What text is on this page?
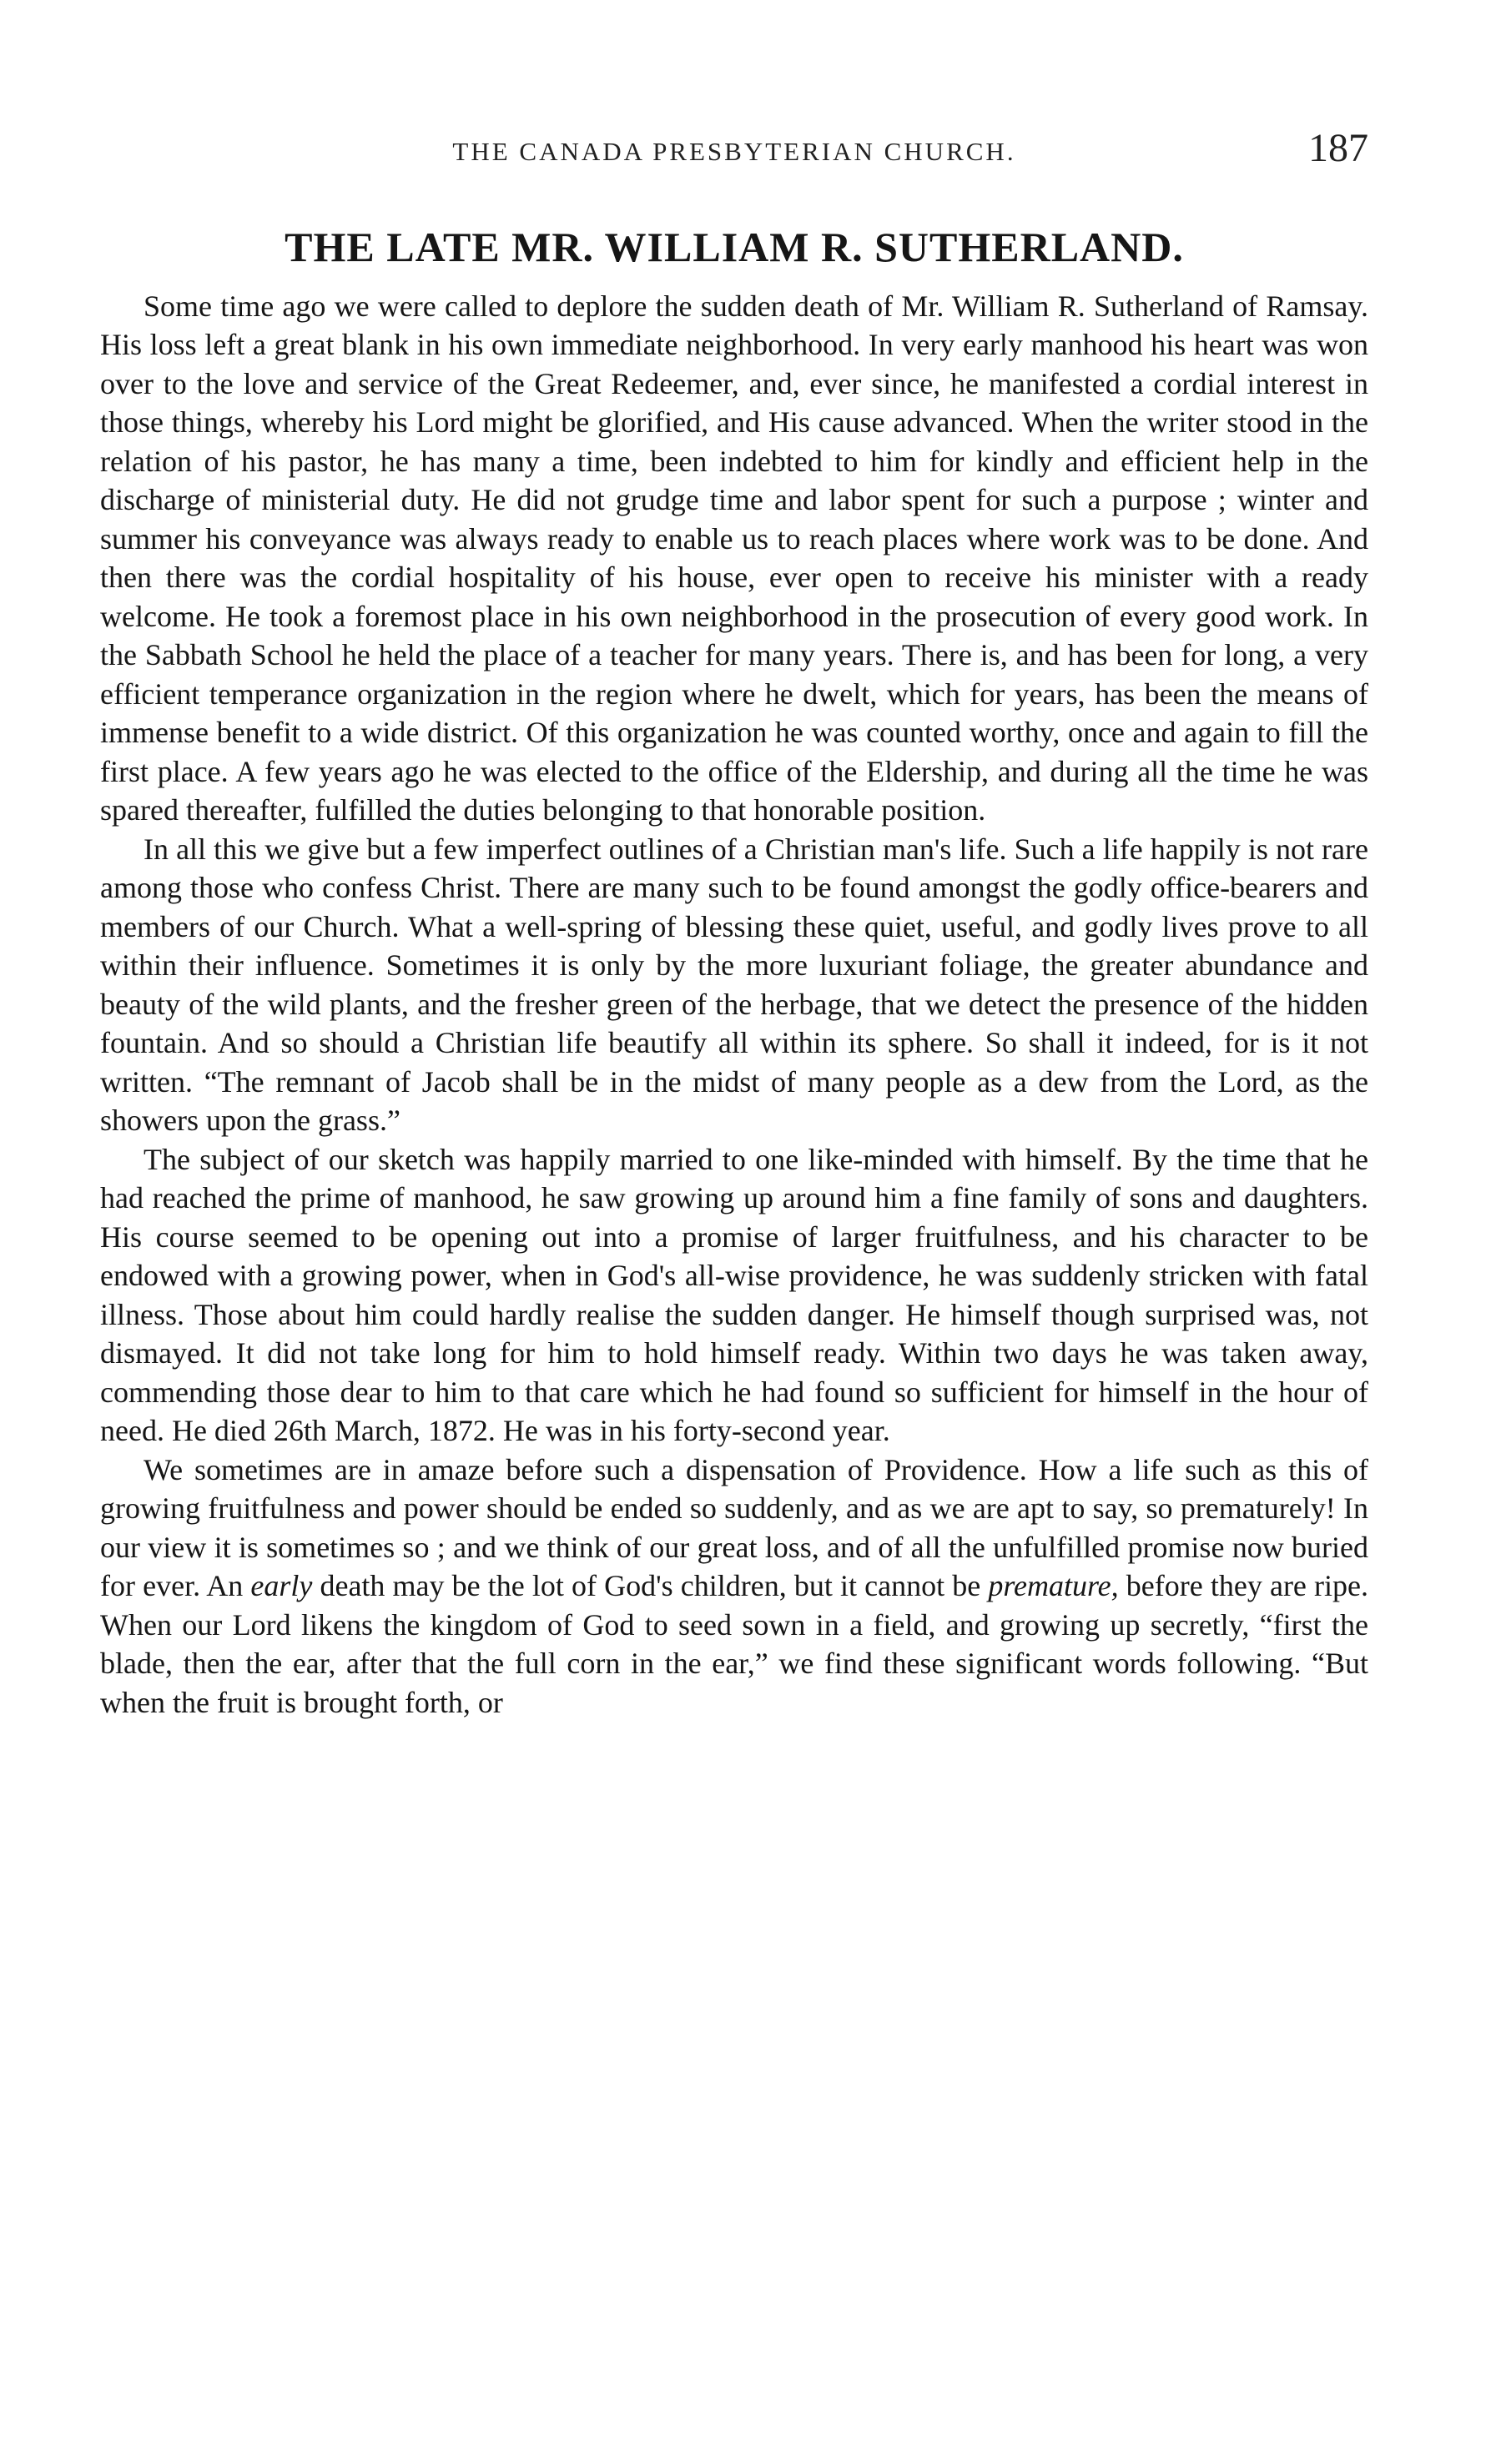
THE CANADA PRESBYTERIAN CHURCH.	187
THE LATE MR. WILLIAM R. SUTHERLAND.

Some time ago we were called to deplore the sudden death of Mr. William R. Sutherland of Ramsay. His loss left a great blank in his own immediate neighborhood. In very early manhood his heart was won over to the love and service of the Great Redeemer, and, ever since, he manifested a cordial interest in those things, whereby his Lord might be glorified, and His cause advanced. When the writer stood in the relation of his pastor, he has many a time, been indebted to him for kindly and efficient help in the discharge of ministerial duty. He did not grudge time and labor spent for such a purpose ; winter and summer his conveyance was always ready to enable us to reach places where work was to be done. And then there was the cordial hospitality of his house, ever open to receive his minister with a ready welcome. He took a foremost place in his own neighborhood in the prosecution of every good work. In the Sabbath School he held the place of a teacher for many years. There is, and has been for long, a very efficient temperance organization in the region where he dwelt, which for years, has been the means of immense benefit to a wide district. Of this organization he was counted worthy, once and again to fill the first place. A few years ago he was elected to the office of the Eldership, and during all the time he was spared thereafter, fulfilled the duties belonging to that honorable position.

In all this we give but a few imperfect outlines of a Christian man's life. Such a life happily is not rare among those who confess Christ. There are many such to be found amongst the godly office-bearers and members of our Church. What a well-spring of blessing these quiet, useful, and godly lives prove to all within their influence. Sometimes it is only by the more luxuriant foliage, the greater abundance and beauty of the wild plants, and the fresher green of the herbage, that we detect the presence of the hidden fountain. And so should a Christian life beautify all within its sphere. So shall it indeed, for is it not written. “The remnant of Jacob shall be in the midst of many people as a dew from the Lord, as the showers upon the grass.”

The subject of our sketch was happily married to one like-minded with himself. By the time that he had reached the prime of manhood, he saw growing up around him a fine family of sons and daughters. His course seemed to be opening out into a promise of larger fruitfulness, and his character to be endowed with a growing power, when in God's all-wise providence, he was suddenly stricken with fatal illness. Those about him could hardly realise the sudden danger. He himself though surprised was, not dismayed. It did not take long for him to hold himself ready. Within two days he was taken away, commending those dear to him to that care which he had found so sufficient for himself in the hour of need. He died 26th March, 1872. He was in his forty-second year.

We sometimes are in amaze before such a dispensation of Providence. How a life such as this of growing fruitfulness and power should be ended so suddenly, and as we are apt to say, so prematurely! In our view it is sometimes so ; and we think of our great loss, and of all the unfulfilled promise now buried for ever. An early death may be the lot of God's children, but it cannot be premature, before they are ripe. When our Lord likens the kingdom of God to seed sown in a field, and growing up secretly, “first the blade, then the ear, after that the full corn in the ear,” we find these significant words following. “But when the fruit is brought forth, or
